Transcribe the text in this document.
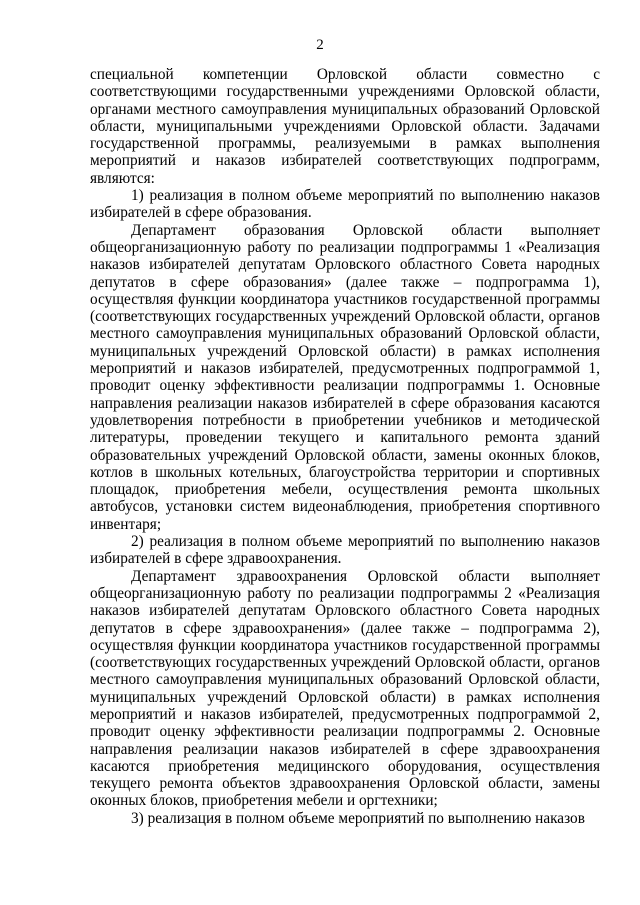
2

специальной компетенции Орловской области совместно с соответствующими государственными учреждениями Орловской области, органами местного самоуправления муниципальных образований Орловской области, муниципальными учреждениями Орловской области. Задачами государственной программы, реализуемыми в рамках выполнения мероприятий и наказов избирателей соответствующих подпрограмм, являются:

1) реализация в полном объеме мероприятий по выполнению наказов избирателей в сфере образования.

Департамент образования Орловской области выполняет общеорганизационную работу по реализации подпрограммы 1 «Реализация наказов избирателей депутатам Орловского областного Совета народных депутатов в сфере образования» (далее также – подпрограмма 1), осуществляя функции координатора участников государственной программы (соответствующих государственных учреждений Орловской области, органов местного самоуправления муниципальных образований Орловской области, муниципальных учреждений Орловской области) в рамках исполнения мероприятий и наказов избирателей, предусмотренных подпрограммой 1, проводит оценку эффективности реализации подпрограммы 1. Основные направления реализации наказов избирателей в сфере образования касаются удовлетворения потребности в приобретении учебников и методической литературы, проведении текущего и капитального ремонта зданий образовательных учреждений Орловской области, замены оконных блоков, котлов в школьных котельных, благоустройства территории и спортивных площадок, приобретения мебели, осуществления ремонта школьных автобусов, установки систем видеонаблюдения, приобретения спортивного инвентаря;

2) реализация в полном объеме мероприятий по выполнению наказов избирателей в сфере здравоохранения.

Департамент здравоохранения Орловской области выполняет общеорганизационную работу по реализации подпрограммы 2 «Реализация наказов избирателей депутатам Орловского областного Совета народных депутатов в сфере здравоохранения» (далее также – подпрограмма 2), осуществляя функции координатора участников государственной программы (соответствующих государственных учреждений Орловской области, органов местного самоуправления муниципальных образований Орловской области, муниципальных учреждений Орловской области) в рамках исполнения мероприятий и наказов избирателей, предусмотренных подпрограммой 2, проводит оценку эффективности реализации подпрограммы 2. Основные направления реализации наказов избирателей в сфере здравоохранения касаются приобретения медицинского оборудования, осуществления текущего ремонта объектов здравоохранения Орловской области, замены оконных блоков, приобретения мебели и оргтехники;

3) реализация в полном объеме мероприятий по выполнению наказов
